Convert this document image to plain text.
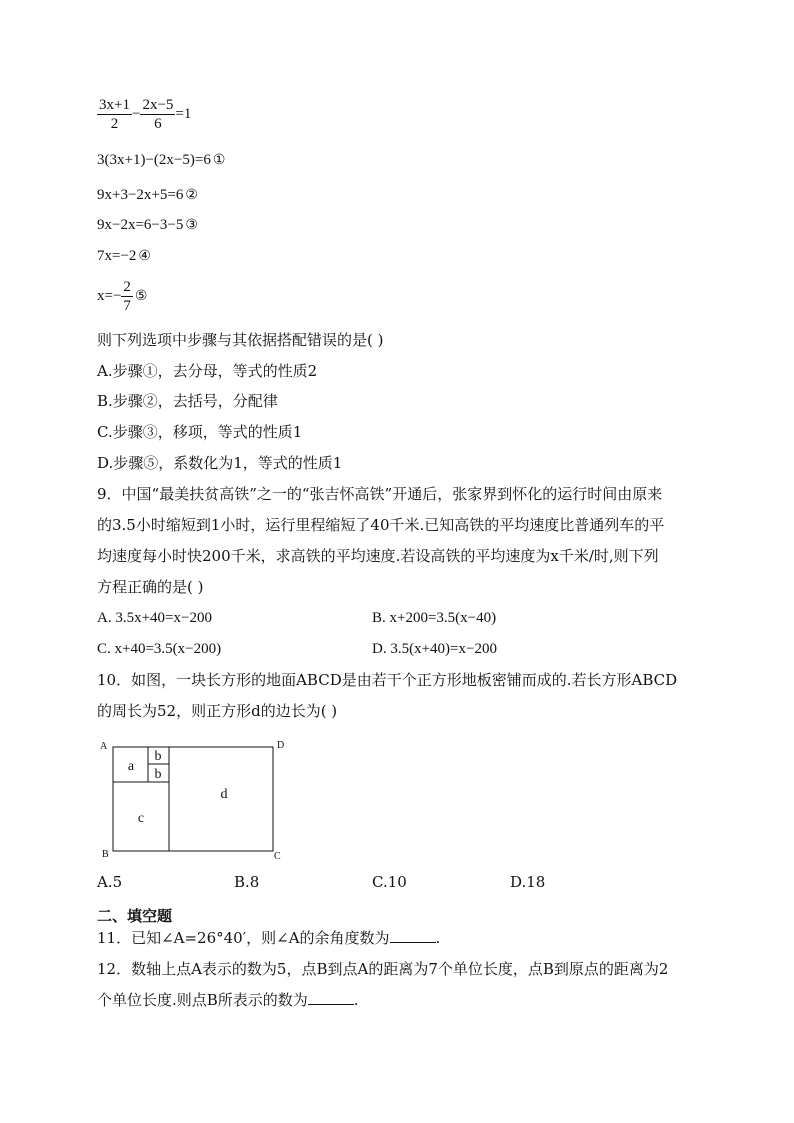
$\frac{3x+1}{2} - \frac{2x-5}{6} =1$
3(3x+1)−(2x−5)=6 ①
9x+3−2x+5=6 ②
9x−2x=6−3−5 ③
7x=−2 ④
$x=- \frac{2}{7}$ ⑤
则下列选项中步骤与其依据搭配错误的是( )
A.步骤①，去分母，等式的性质2
B.步骤②，去括号，分配律
C.步骤③，移项，等式的性质1
D.步骤⑤，系数化为1，等式的性质1
9．中国“最美扶贫高铁”之一的“张吉怀高铁”开通后，张家界到怀化的运行时间由原来
的3.5小时缩短到1小时，运行里程缩短了40千米.已知高铁的平均速度比普通列车的平
均速度每小时快200千米，求高铁的平均速度.若设高铁的平均速度为x千米/时,则下列
方程正确的是( )
A. 3.5x+40=x−200	B. x+200=3.5(x−40)
C. x+40=3.5(x−200)	D. 3.5(x+40)=x−200
10．如图，一块长方形的地面ABCD是由若干个正方形地板密铺而成的.若长方形ABCD
的周长为52，则正方形d的边长为( )
A	D
B	C
a
b
b
c
d
A.5	B.8	C.10	D.18
二、填空题
11．已知∠A=26°40′，则∠A的余角度数为	.
12．数轴上点A表示的数为5，点B到点A的距离为7个单位长度，点B到原点的距离为2
个单位长度.则点B所表示的数为	.
